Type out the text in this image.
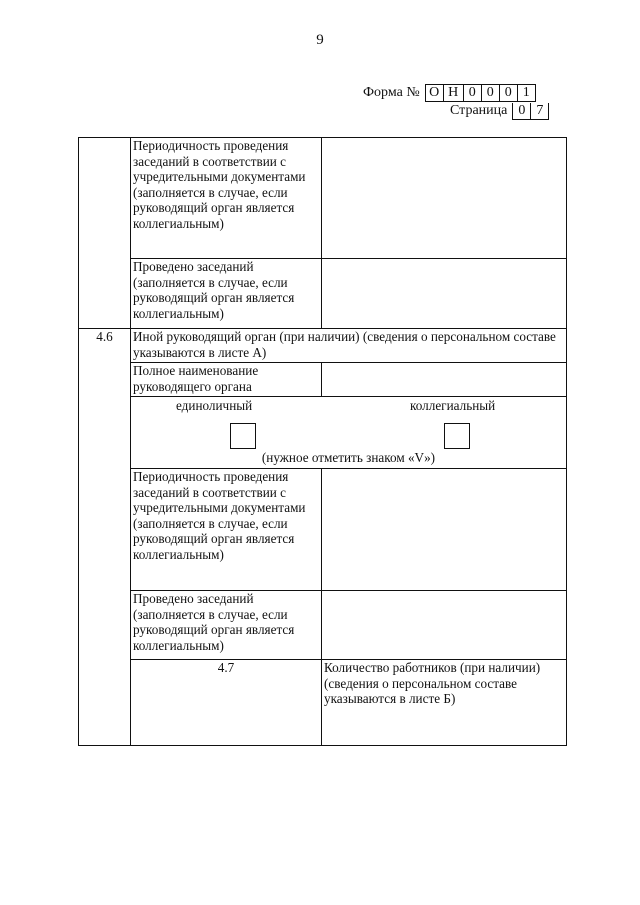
9
Форма № О Н 0 0 0 1
Страница 0 7
	Периодичность проведения заседаний в соответствии с учредительными документами (заполняется в случае, если руководящий орган является коллегиальным)		
	Проведено заседаний (заполняется в случае, если руководящий орган является коллегиальным)		
4.6	Иной руководящий орган (при наличии) (сведения о персональном составе указываются в листе А)		
	Полное наименование руководящего органа		

	единоличный коллегиальный
(нужное отметить знаком «V»)		

	Периодичность проведения заседаний в соответствии с учредительными документами (заполняется в случае, если руководящий орган является коллегиальным)		
	Проведено заседаний (заполняется в случае, если руководящий орган является коллегиальным)		
	4.7	Количество работников (при наличии) (сведения о персональном составе указываются в листе Б)	
